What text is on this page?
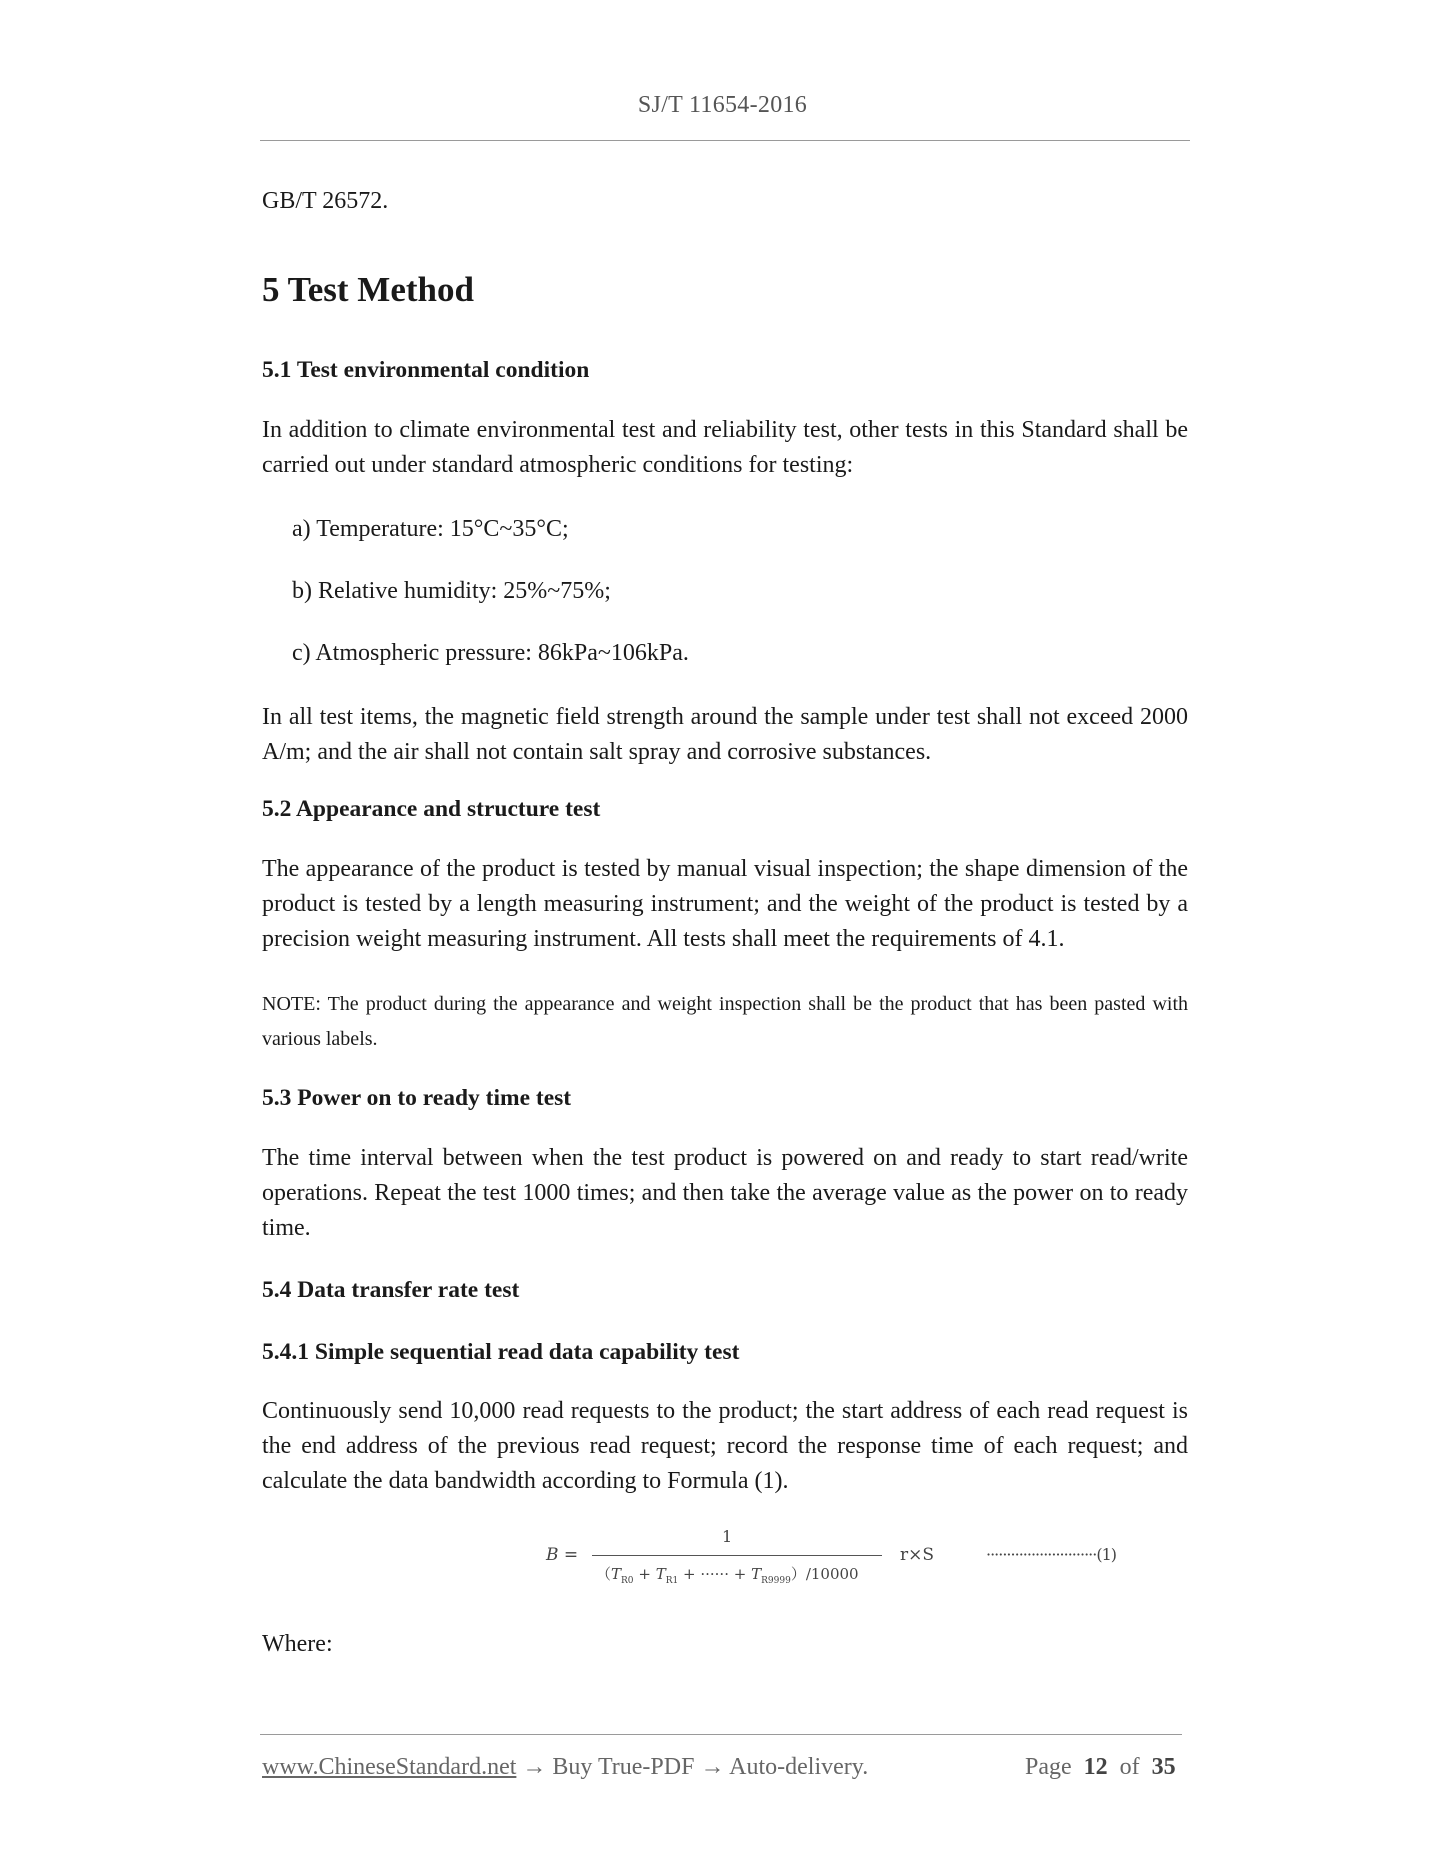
SJ/T 11654-2016

GB/T 26572.

5 Test Method
5.1 Test environmental condition

In addition to climate environmental test and reliability test, other tests in this Standard shall be carried out under standard atmospheric conditions for testing:

a) Temperature: 15°C~35°C;

b) Relative humidity: 25%~75%;

c) Atmospheric pressure: 86kPa~106kPa.

In all test items, the magnetic field strength around the sample under test shall not exceed 2000 A/m; and the air shall not contain salt spray and corrosive substances.

5.2 Appearance and structure test

The appearance of the product is tested by manual visual inspection; the shape dimension of the product is tested by a length measuring instrument; and the weight of the product is tested by a precision weight measuring instrument. All tests shall meet the requirements of 4.1.

NOTE: The product during the appearance and weight inspection shall be the product that has been pasted with various labels.

5.3 Power on to ready time test

The time interval between when the test product is powered on and ready to start read/write operations. Repeat the test 1000 times; and then take the average value as the power on to ready time.

5.4 Data transfer rate test
5.4.1 Simple sequential read data capability test

Continuously send 10,000 read requests to the product; the start address of each read request is the end address of the previous read request; record the response time of each request; and calculate the data bandwidth according to Formula (1).

Where:

B =
1
（$T_{R0} + T_{R1}$ + ······ + $T_{R9999})/10000$
r×S	···························(1)
www.ChineseStandard.net → Buy True-PDF → Auto-delivery.	Page 12 of 35
